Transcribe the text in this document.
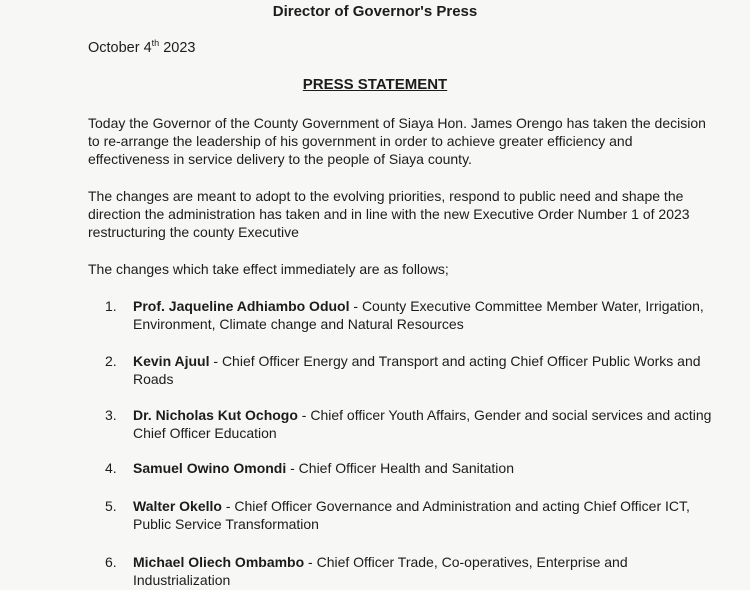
Director of Governor's Press
October 4th 2023
PRESS STATEMENT

Today the Governor of the County Government of Siaya Hon. James Orengo has taken the decision to re-arrange the leadership of his government in order to achieve greater efficiency and effectiveness in service delivery to the people of Siaya county.

The changes are meant to adopt to the evolving priorities, respond to public need and shape the direction the administration has taken and in line with the new Executive Order Number 1 of 2023 restructuring the county Executive

The changes which take effect immediately are as follows;

1.	Prof. Jaqueline Adhiambo Oduol - County Executive Committee Member Water, Irrigation, Environment, Climate change and Natural Resources
2.	Kevin Ajuul - Chief Officer Energy and Transport and acting Chief Officer Public Works and Roads
3.	Dr. Nicholas Kut Ochogo - Chief officer Youth Affairs, Gender and social services and acting Chief Officer Education
4.	Samuel Owino Omondi - Chief Officer Health and Sanitation
5.	Walter Okello - Chief Officer Governance and Administration and acting Chief Officer ICT, Public Service Transformation
6.	Michael Oliech Ombambo - Chief Officer Trade, Co-operatives, Enterprise and Industrialization
